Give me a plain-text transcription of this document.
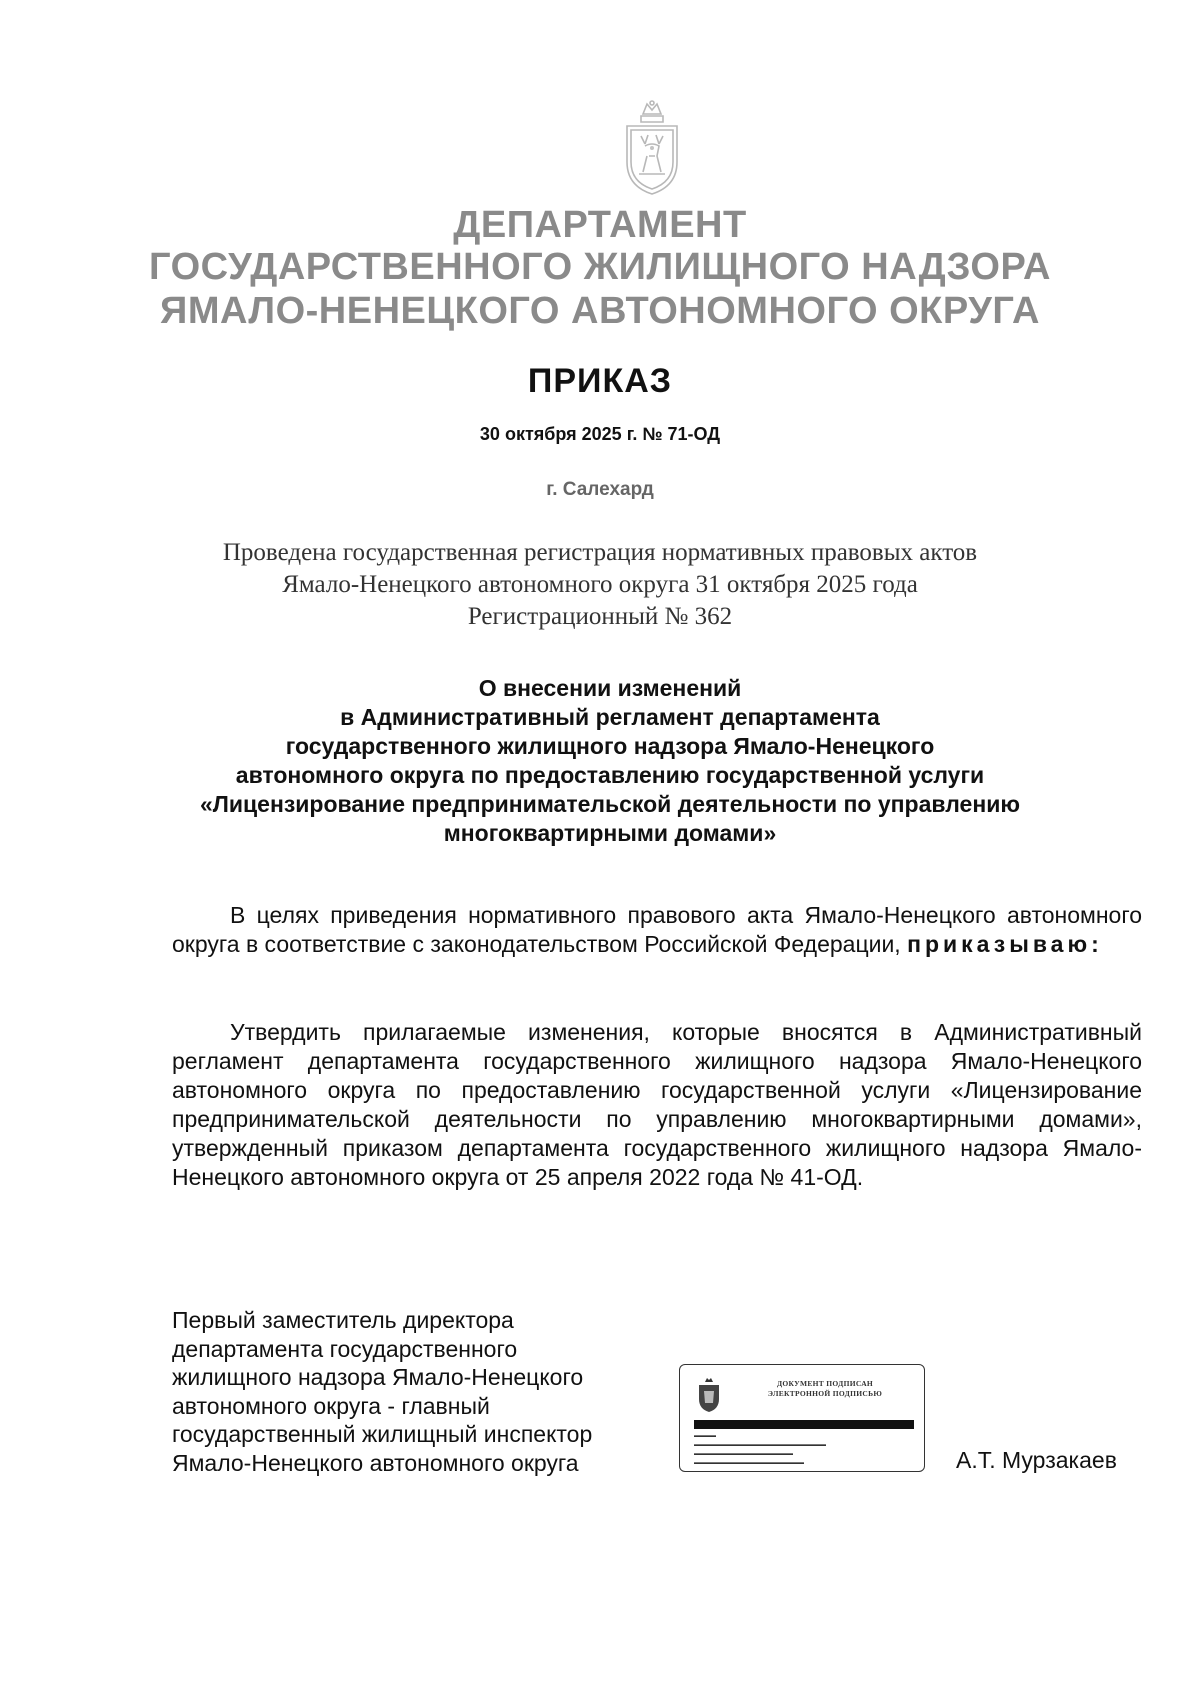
ДЕПАРТАМЕНТ
ГОСУДАРСТВЕННОГО ЖИЛИЩНОГО НАДЗОРА
ЯМАЛО-НЕНЕЦКОГО АВТОНОМНОГО ОКРУГА
ПРИКАЗ
30 октября 2025 г. № 71-ОД
г. Салехард
Проведена государственная регистрация нормативных правовых актов
Ямало-Ненецкого автономного округа 31 октября 2025 года
Регистрационный № 362
О внесении изменений
в Административный регламент департамента
государственного жилищного надзора Ямало-Ненецкого
автономного округа по предоставлению государственной услуги
«Лицензирование предпринимательской деятельности по управлению
многоквартирными домами»
В целях приведения нормативного правового акта Ямало-Ненецкого автономного округа в соответствие с законодательством Российской Федерации, приказываю:
Утвердить прилагаемые изменения, которые вносятся в Административный регламент департамента государственного жилищного надзора Ямало-Ненецкого автономного округа по предоставлению государственной услуги «Лицензирование предпринимательской деятельности по управлению многоквартирными домами», утвержденный приказом департамента государственного жилищного надзора Ямало-Ненецкого автономного округа от 25 апреля 2022 года № 41-ОД.
Первый заместитель директора
департамента государственного
жилищного надзора Ямало-Ненецкого
автономного округа - главный
государственный жилищный инспектор
Ямало-Ненецкого автономного округа
ДОКУМЕНТ ПОДПИСАН
ЭЛЕКТРОННОЙ ПОДПИСЬЮ
▬▬▬▬
▬▬▬▬▬▬▬▬▬▬▬▬▬▬▬▬▬▬▬▬▬▬▬▬
▬▬▬▬▬▬▬▬▬▬▬▬▬▬▬▬▬▬
▬▬▬▬▬▬▬▬▬▬▬▬▬▬▬▬▬▬▬▬	А.Т. Мурзакаев
